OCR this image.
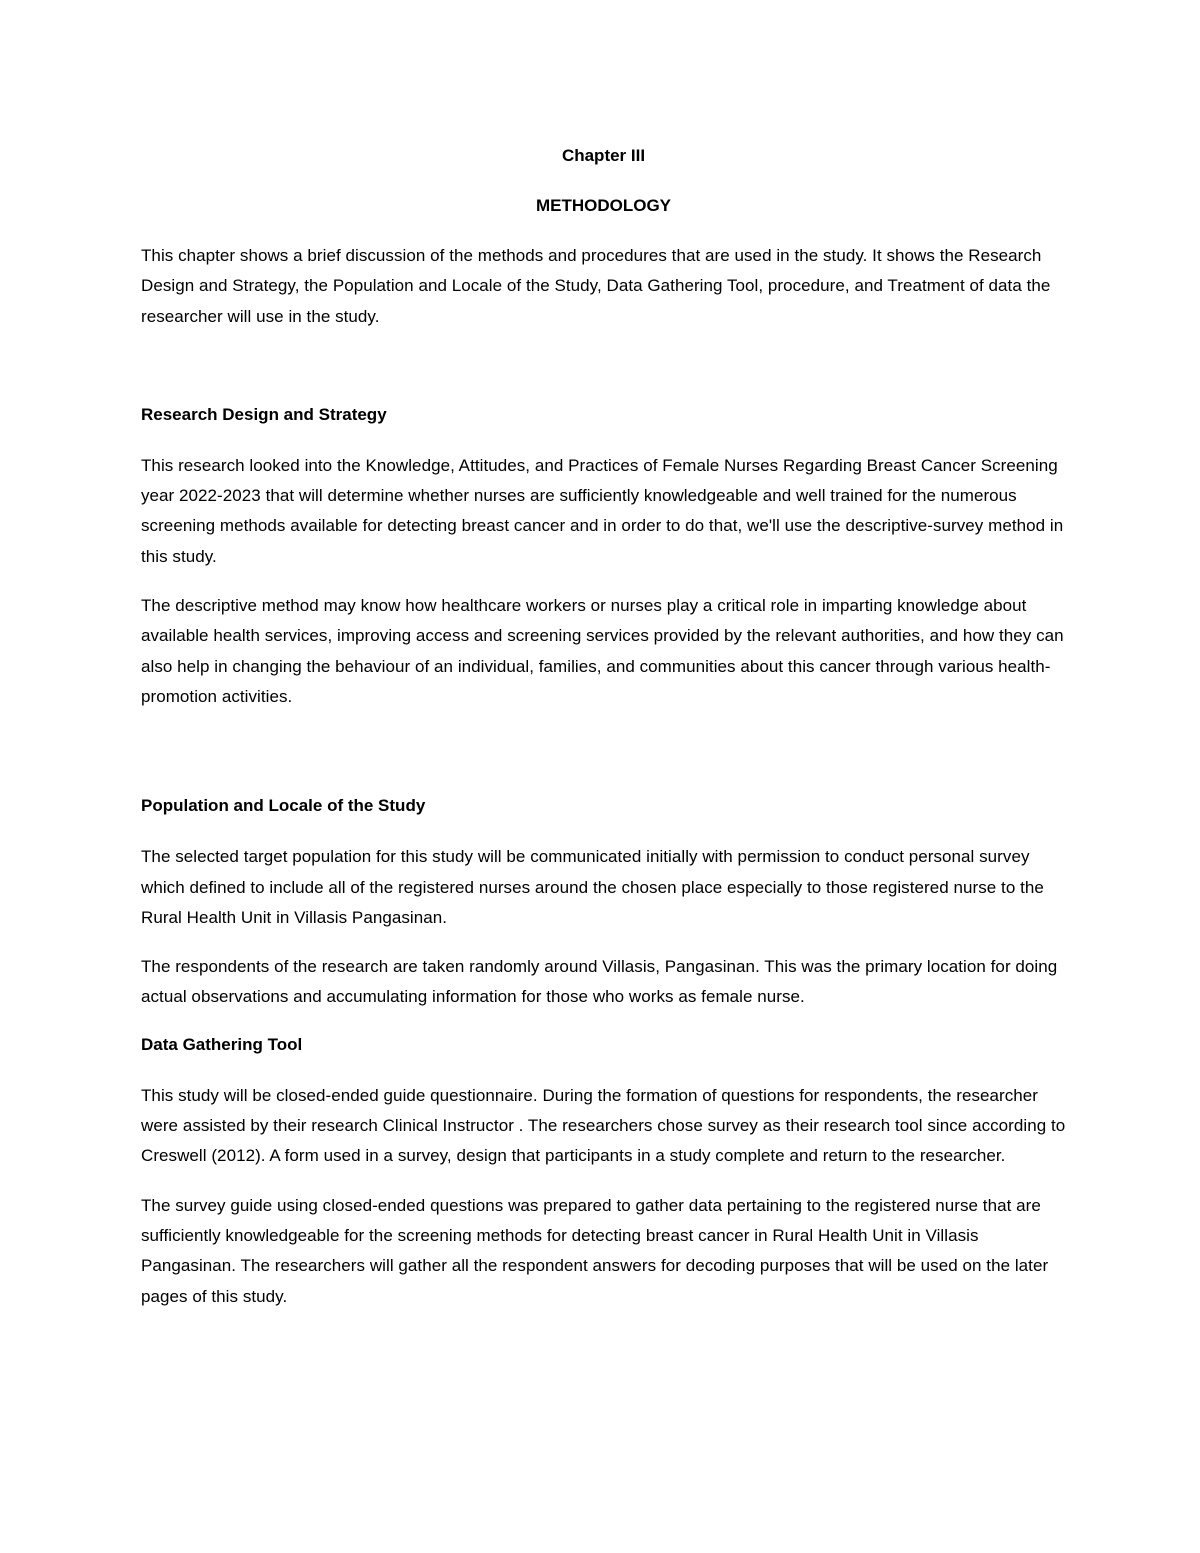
Chapter III

METHODOLOGY

This chapter shows a brief discussion of the methods and procedures that are used in the study. It shows the Research Design and Strategy, the Population and Locale of the Study, Data Gathering Tool, procedure, and Treatment of data the researcher will use in the study.

Research Design and Strategy

This research looked into the Knowledge, Attitudes, and Practices of Female Nurses Regarding Breast Cancer Screening year 2022-2023 that will determine whether nurses are sufficiently knowledgeable and well trained for the numerous screening methods available for detecting breast cancer and in order to do that, we'll use the descriptive-survey method in this study.

The descriptive method may know how healthcare workers or nurses play a critical role in imparting knowledge about available health services, improving access and screening services provided by the relevant authorities, and how they can also help in changing the behaviour of an individual, families, and communities about this cancer through various health-promotion activities.

Population and Locale of the Study

The selected target population for this study will be communicated initially with permission to conduct personal survey which defined to include all of the registered nurses around the chosen place especially to those registered nurse to the Rural Health Unit in Villasis Pangasinan.

The respondents of the research are taken randomly around Villasis, Pangasinan. This was the primary location for doing actual observations and accumulating information for those who works as female nurse.

Data Gathering Tool

This study will be closed-ended guide questionnaire. During the formation of questions for respondents, the researcher were assisted by their research Clinical Instructor . The researchers chose survey as their research tool since according to Creswell (2012). A form used in a survey, design that participants in a study complete and return to the researcher.

The survey guide using closed-ended questions was prepared to gather data pertaining to the registered nurse that are sufficiently knowledgeable for the screening methods for detecting breast cancer in Rural Health Unit in Villasis Pangasinan. The researchers will gather all the respondent answers for decoding purposes that will be used on the later pages of this study.
